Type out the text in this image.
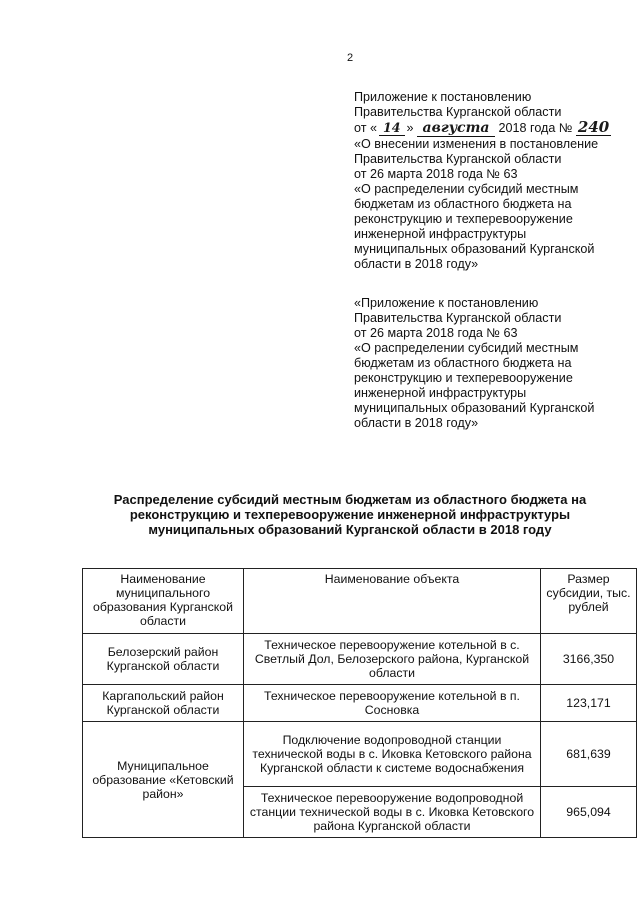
2
Приложение к постановлению
Правительства Курганской области
от « 14 » августа 2018 года № 240
«О внесении изменения в постановление
Правительства Курганской области
от 26 марта 2018 года № 63
«О распределении субсидий местным
бюджетам из областного бюджета на
реконструкцию и техперевооружение
инженерной инфраструктуры
муниципальных образований Курганской
области в 2018 году»
«Приложение к постановлению
Правительства Курганской области
от 26 марта 2018 года № 63
«О распределении субсидий местным
бюджетам из областного бюджета на
реконструкцию и техперевооружение
инженерной инфраструктуры
муниципальных образований Курганской
области в 2018 году»
Распределение субсидий местным бюджетам из областного бюджета на
реконструкцию и техперевооружение инженерной инфраструктуры
муниципальных образований Курганской области в 2018 году
Наименование муниципального образования Курганской области	Наименование объекта	Размер субсидии, тыс. рублей
Белозерский район Курганской области	Техническое перевооружение котельной в с. Светлый Дол, Белозерского района, Курганской области	3166,350
Каргапольский район Курганской области	Техническое перевооружение котельной в п. Сосновка	123,171
Муниципальное образование «Кетовский район»	Подключение водопроводной станции технической воды в с. Иковка Кетовского района Курганской области к системе водоснабжения	681,639
	Техническое перевооружение водопроводной станции технической воды в с. Иковка Кетовского района Курганской области	965,094
